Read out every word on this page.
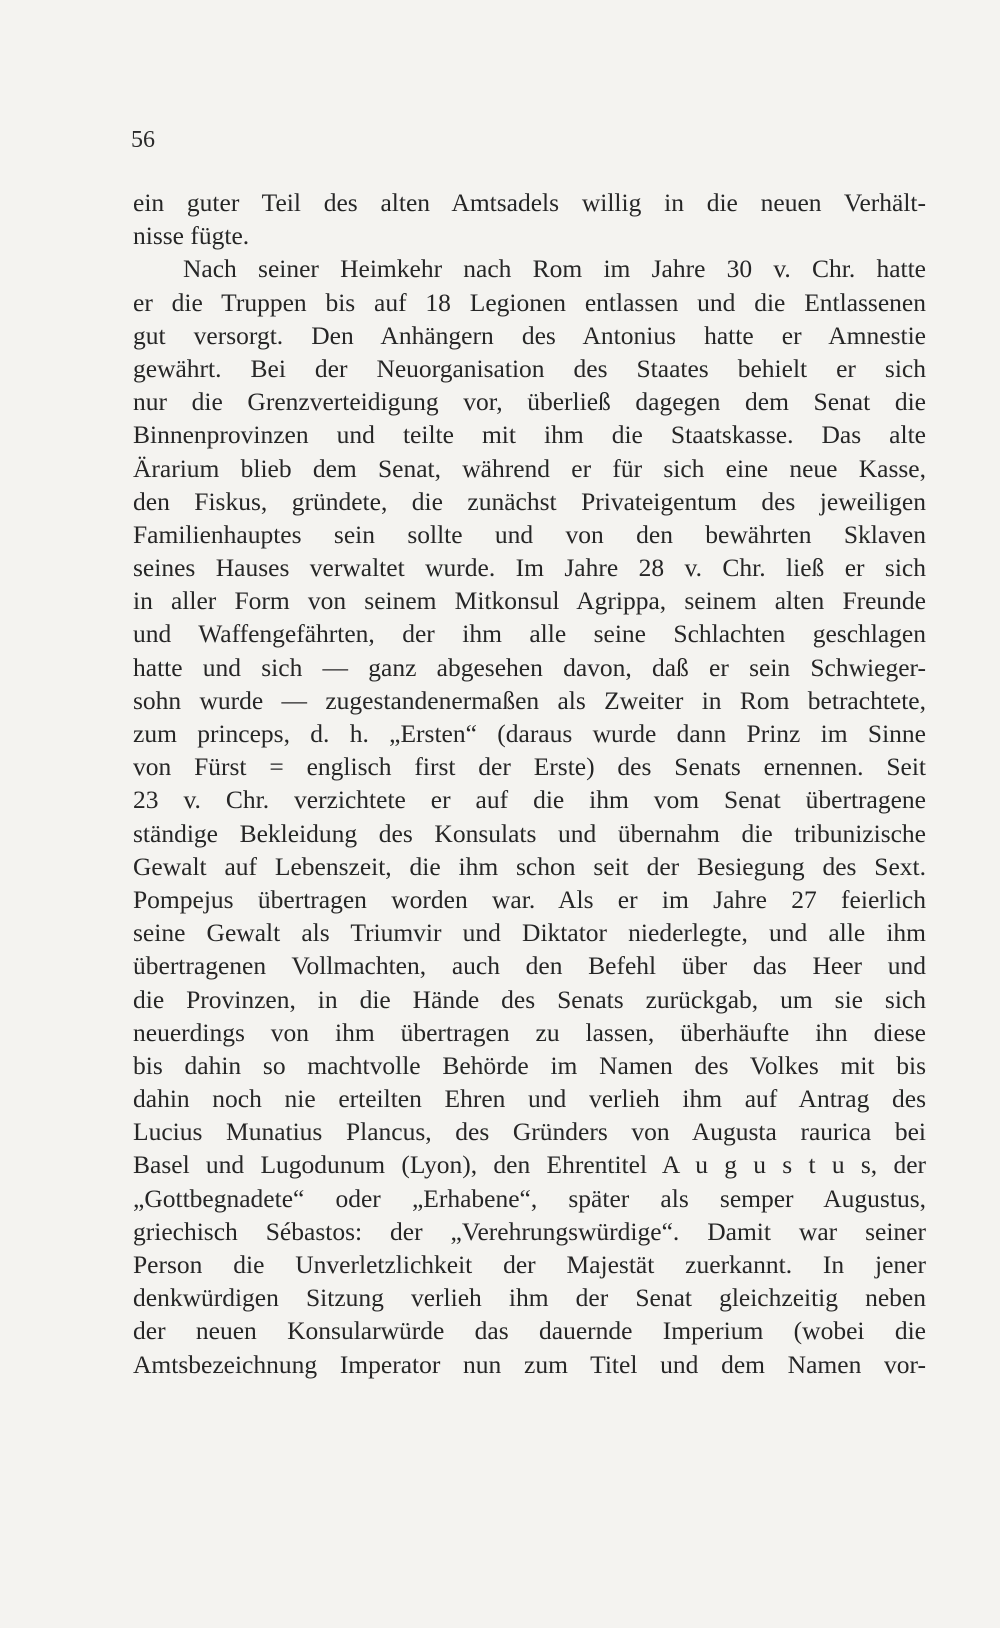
56
ein guter Teil des alten Amtsadels willig in die neuen Verhält-
nisse fügte.
Nach seiner Heimkehr nach Rom im Jahre 30 v. Chr. hatte
er die Truppen bis auf 18 Legionen entlassen und die Entlassenen
gut versorgt. Den Anhängern des Antonius hatte er Amnestie
gewährt. Bei der Neuorganisation des Staates behielt er sich
nur die Grenzverteidigung vor, überließ dagegen dem Senat die
Binnenprovinzen und teilte mit ihm die Staatskasse. Das alte
Ärarium blieb dem Senat, während er für sich eine neue Kasse,
den Fiskus, gründete, die zunächst Privateigentum des jeweiligen
Familienhauptes sein sollte und von den bewährten Sklaven
seines Hauses verwaltet wurde. Im Jahre 28 v. Chr. ließ er sich
in aller Form von seinem Mitkonsul Agrippa, seinem alten Freunde
und Waffengefährten, der ihm alle seine Schlachten geschlagen
hatte und sich — ganz abgesehen davon, daß er sein Schwieger-
sohn wurde — zugestandenermaßen als Zweiter in Rom betrachtete,
zum princeps, d. h. „Ersten“ (daraus wurde dann Prinz im Sinne
von Fürst = englisch first der Erste) des Senats ernennen. Seit
23 v. Chr. verzichtete er auf die ihm vom Senat übertragene
ständige Bekleidung des Konsulats und übernahm die tribunizische
Gewalt auf Lebenszeit, die ihm schon seit der Besiegung des Sext.
Pompejus übertragen worden war. Als er im Jahre 27 feierlich
seine Gewalt als Triumvir und Diktator niederlegte, und alle ihm
übertragenen Vollmachten, auch den Befehl über das Heer und
die Provinzen, in die Hände des Senats zurückgab, um sie sich
neuerdings von ihm übertragen zu lassen, überhäufte ihn diese
bis dahin so machtvolle Behörde im Namen des Volkes mit bis
dahin noch nie erteilten Ehren und verlieh ihm auf Antrag des
Lucius Munatius Plancus, des Gründers von Augusta raurica bei
Basel und Lugodunum (Lyon), den Ehrentitel A u g u s t u s, der
„Gottbegnadete“ oder „Erhabene“, später als semper Augustus,
griechisch Sébastos: der „Verehrungswürdige“. Damit war seiner
Person die Unverletzlichkeit der Majestät zuerkannt. In jener
denkwürdigen Sitzung verlieh ihm der Senat gleichzeitig neben
der neuen Konsularwürde das dauernde Imperium (wobei die
Amtsbezeichnung Imperator nun zum Titel und dem Namen vor-
